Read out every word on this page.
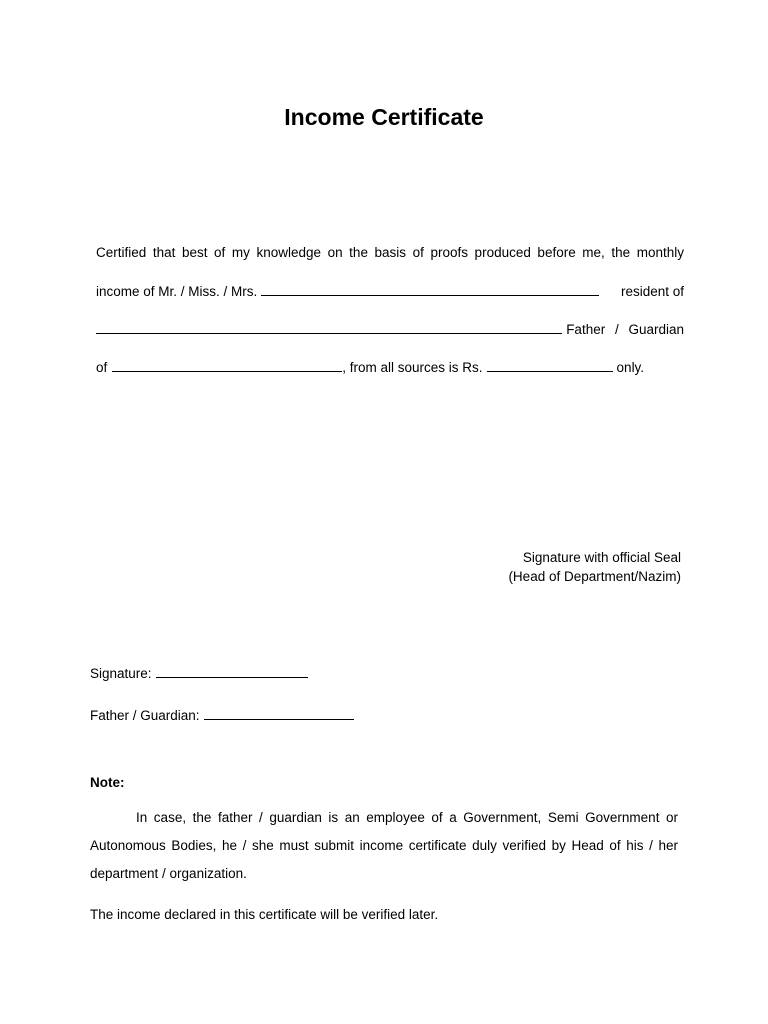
Income Certificate
Certified that best of my knowledge on the basis of proofs produced before me, the monthly
income of Mr. / Miss. / Mrs.	resident of
Father / Guardian
of	, from all sources is Rs.	only.
Signature with official Seal
(Head of Department/Nazim)
Signature:
Father / Guardian:
Note:
In case, the father / guardian is an employee of a Government, Semi Government or Autonomous Bodies, he / she must submit income certificate duly verified by Head of his / her department / organization.
The income declared in this certificate will be verified later.
